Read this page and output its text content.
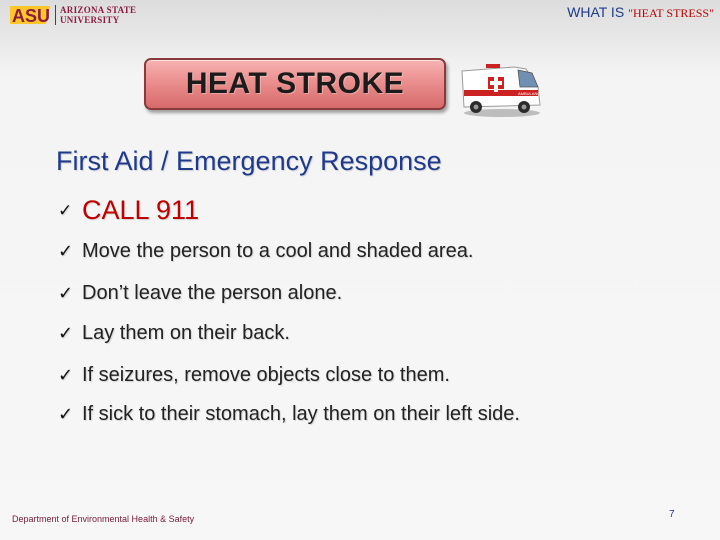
ASU ARIZONA STATE
UNIVERSITY	WHAT IS "HEAT STRESS"
HEAT STROKE	AMBULANCE
First Aid / Emergency Response
✓ CALL 911
✓ Move the person to a cool and shaded area.
✓ Don’t leave the person alone.
✓ Lay them on their back.
✓ If seizures, remove objects close to them.
✓ If sick to their stomach, lay them on their left side.
Department of Environmental Health & Safety	7
